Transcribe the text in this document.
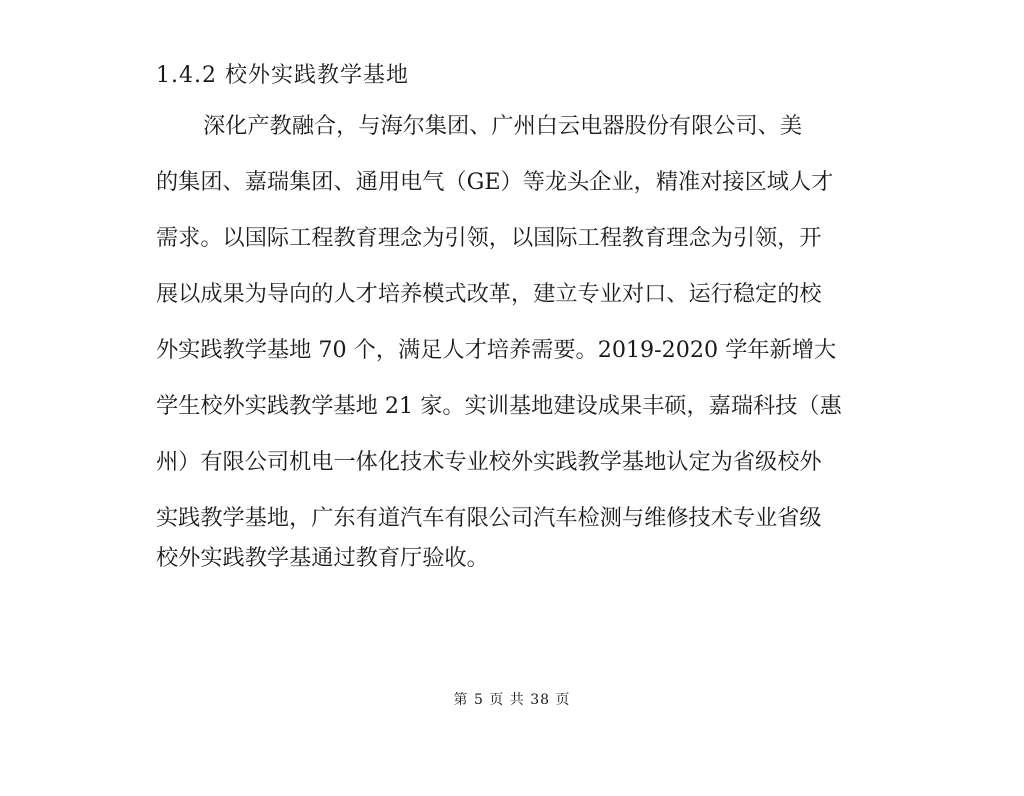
1.4.2 校外实践教学基地
深化产教融合，与海尔集团、广州白云电器股份有限公司、美
的集团、嘉瑞集团、通用电气（GE）等龙头企业，精准对接区域人才
需求。以国际工程教育理念为引领，以国际工程教育理念为引领，开
展以成果为导向的人才培养模式改革，建立专业对口、运行稳定的校
外实践教学基地 70 个，满足人才培养需要。2019-2020 学年新增大
学生校外实践教学基地 21 家。实训基地建设成果丰硕，嘉瑞科技（惠
州）有限公司机电一体化技术专业校外实践教学基地认定为省级校外
实践教学基地，广东有道汽车有限公司汽车检测与维修技术专业省级
校外实践教学基通过教育厅验收。
第 5 页 共 38 页
